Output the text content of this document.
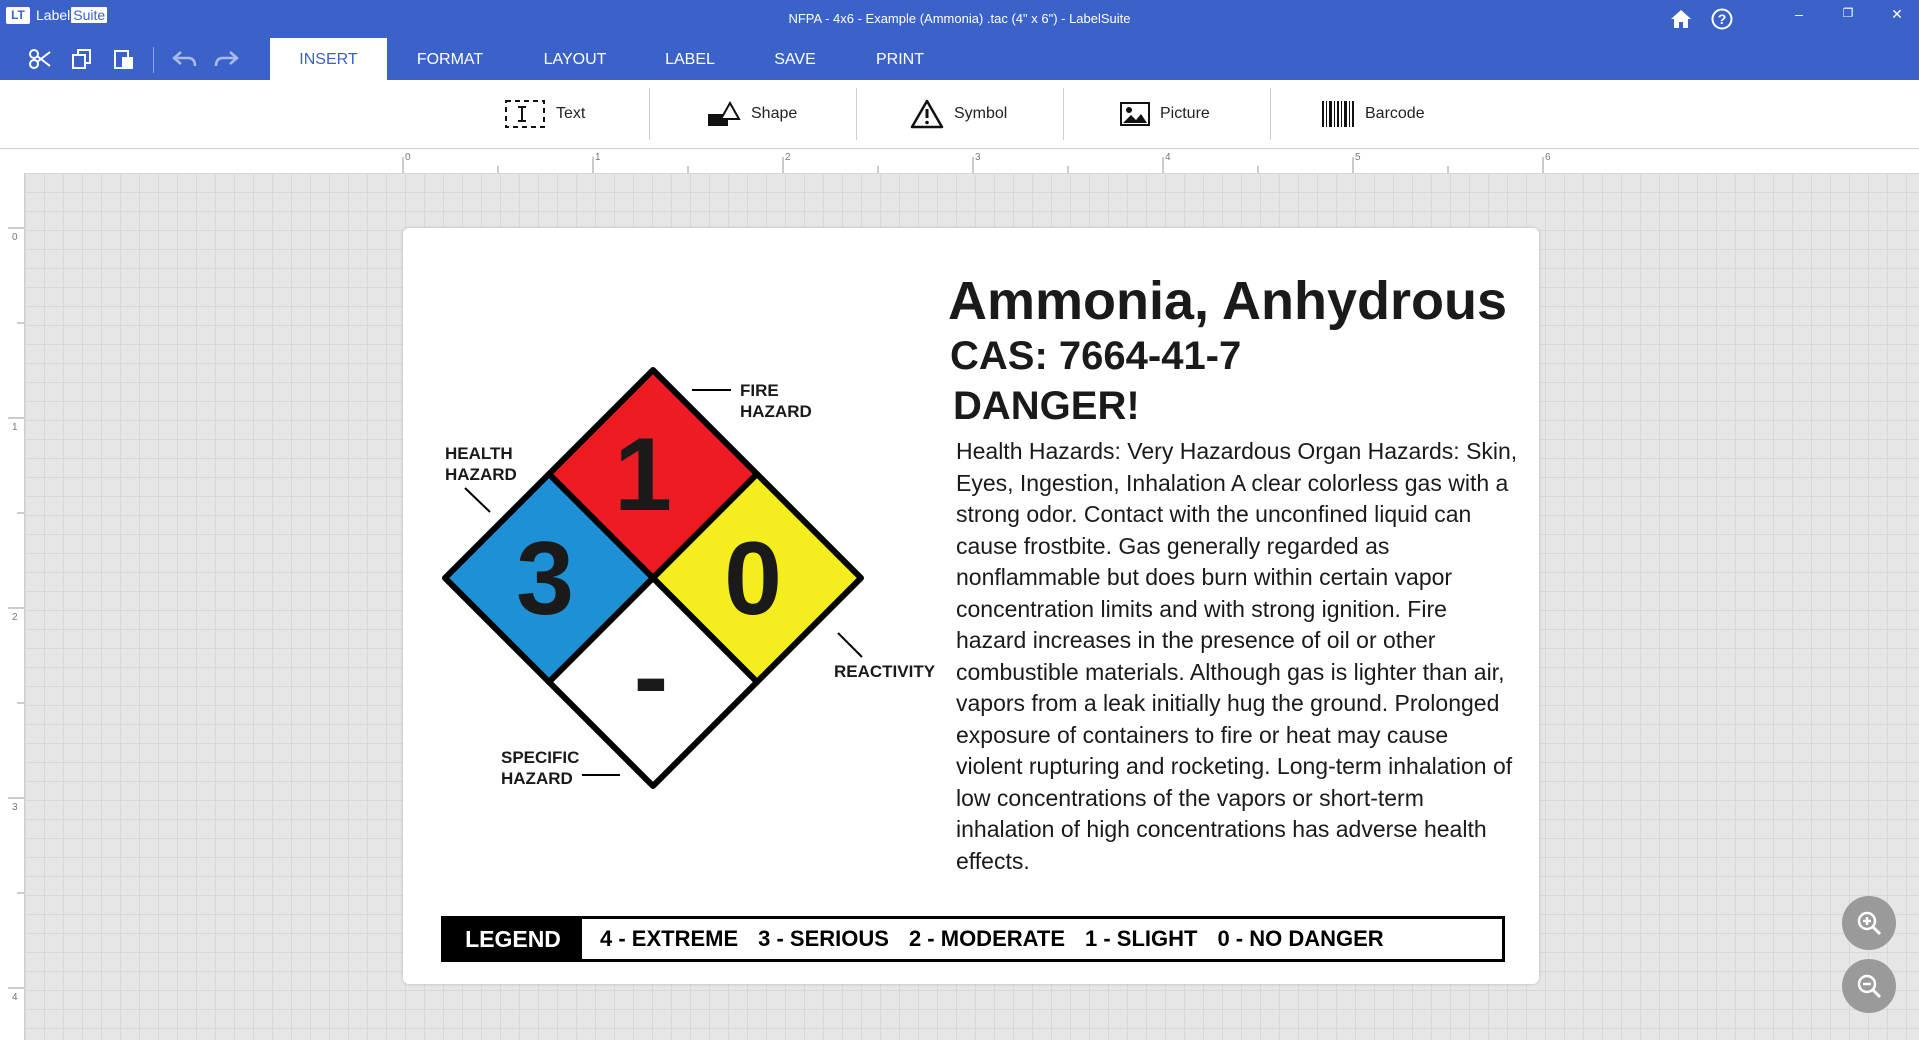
LT Label Suite	NFPA - 4x6 - Example (Ammonia) .tac (4" x 6") - LabelSuite	?	–	❐	✕
INSERT	FORMAT	LAYOUT	LABEL	SAVE	PRINT
Text	Shape	Symbol	Picture	Barcode
0	1	2	3	4	5	6
0
1
2
3
4
1
3 0
-
FIRE
HAZARD
HEALTH
HAZARD
REACTIVITY
SPECIFIC
HAZARD
Ammonia, Anhydrous
CAS: 7664-41-7
DANGER!
Health Hazards: Very Hazardous Organ Hazards: Skin, Eyes, Ingestion, Inhalation A clear colorless gas with a strong odor. Contact with the unconfined liquid can cause frostbite. Gas generally regarded as nonflammable but does burn within certain vapor concentration limits and with strong ignition. Fire hazard increases in the presence of oil or other combustible materials. Although gas is lighter than air, vapors from a leak initially hug the ground. Prolonged exposure of containers to fire or heat may cause violent rupturing and rocketing. Long-term inhalation of low concentrations of the vapors or short-term inhalation of high concentrations has adverse health effects.
LEGEND	4 - EXTREME 3 - SERIOUS 2 - MODERATE 1 - SLIGHT 0 - NO DANGER
